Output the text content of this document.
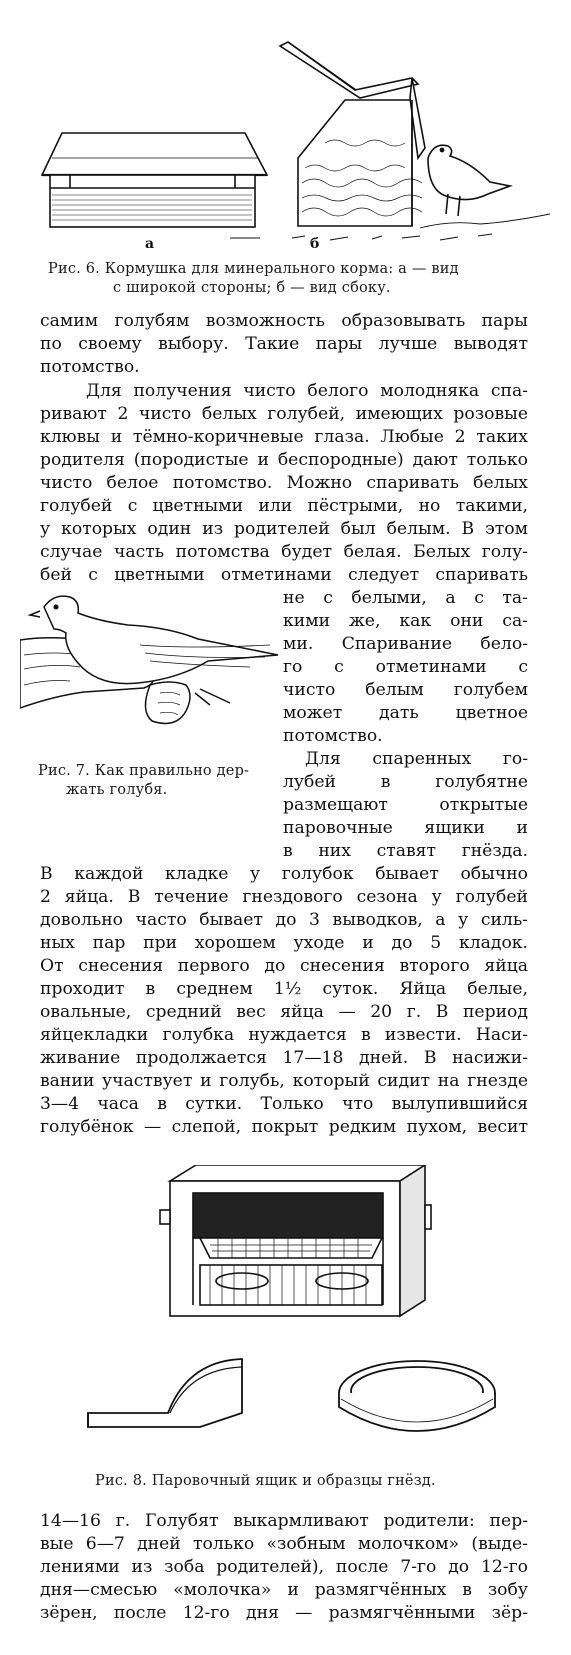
а	б
Рис. 6. Кормушка для минерального корма: а — вид
с широкой стороны; б — вид сбоку.

самим голубям возможность образовывать пары

по своему выбору. Такие пары лучше выводят

потомство.

Для получения чисто белого молодняка спа-

ривают 2 чисто белых голубей, имеющих розовые

клювы и тёмно-коричневые глаза. Любые 2 таких

родителя (породистые и беспородные) дают только

чисто белое потомство. Можно спаривать белых

голубей с цветными или пёстрыми, но такими,

у которых один из родителей был белым. В этом

случае часть потомства будет белая. Белых голу-

бей с цветными отметинами следует спаривать

Рис. 7. Как правильно дер-
жать голубя.

не с белыми, а с та-

кими же, как они са-

ми. Спаривание бело-

го с отметинами с

чисто белым голубем

может дать цветное

потомство.

Для спаренных го-

лубей в голубятне

размещают открытые

паровочные ящики и

в них ставят гнёзда.

В каждой кладке у голубок бывает обычно

2 яйца. В течение гнездового сезона у голубей

довольно часто бывает до 3 выводков, а у силь-

ных пар при хорошем уходе и до 5 кладок.

От снесения первого до снесения второго яйца

проходит в среднем 1½ суток. Яйца белые,

овальные, средний вес яйца — 20 г. В период

яйцекладки голубка нуждается в извести. Наси-

живание продолжается 17—18 дней. В насижи-

вании участвует и голубь, который сидит на гнезде

3—4 часа в сутки. Только что вылупившийся

голубёнок — слепой, покрыт редким пухом, весит

Рис. 8. Паровочный ящик и образцы гнёзд.

14—16 г. Голубят выкармливают родители: пер-

вые 6—7 дней только «зобным молочком» (выде-

лениями из зоба родителей), после 7-го до 12-го

дня—смесью «молочка» и размягчённых в зобу

зёрен, после 12-го дня — размягчёнными зёр-
